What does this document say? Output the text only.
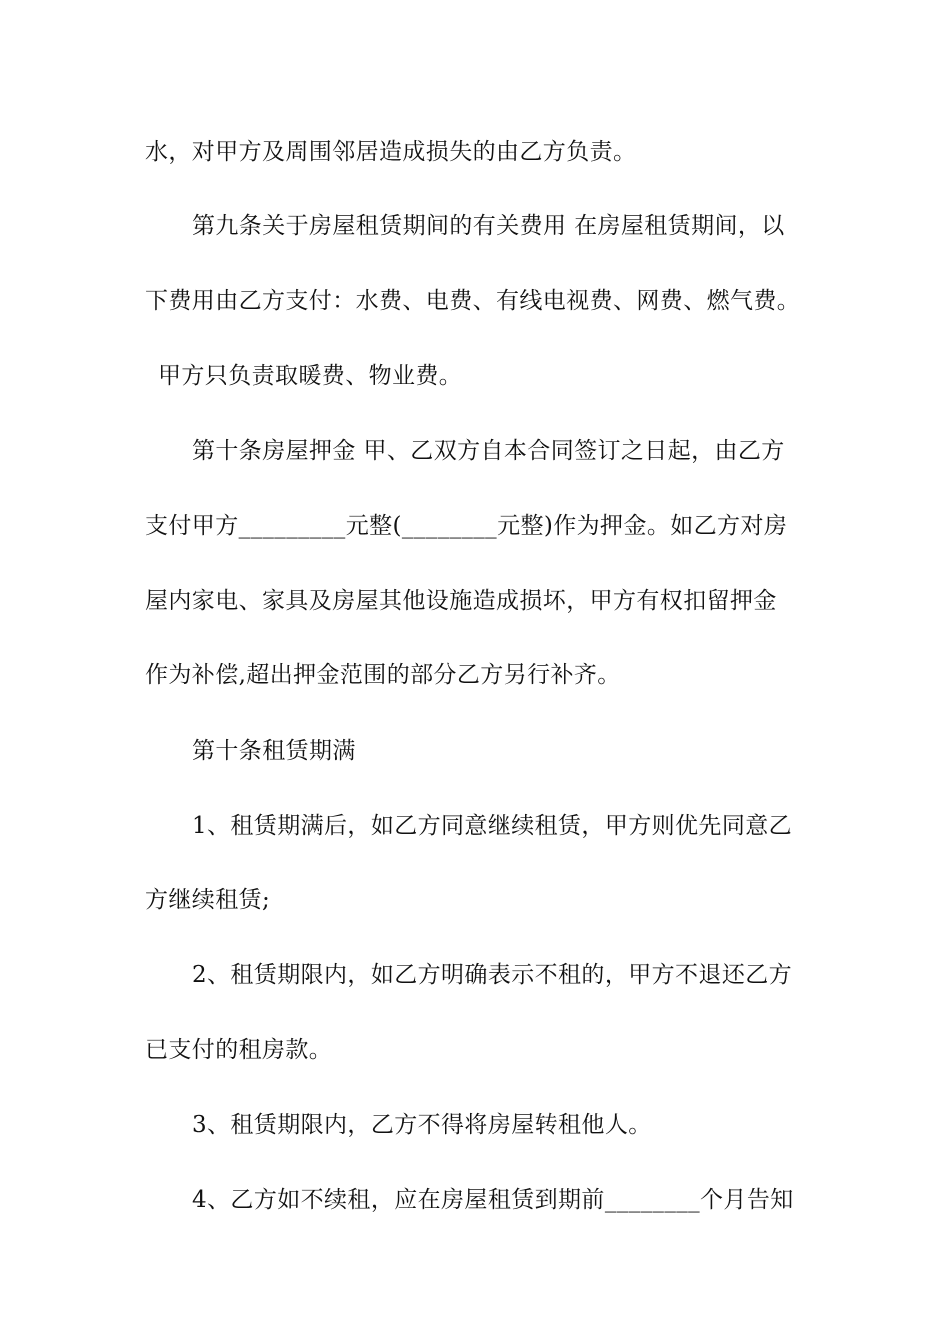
水，对甲方及周围邻居造成损失的由乙方负责。
第九条关于房屋租赁期间的有关费用 在房屋租赁期间，以
下费用由乙方支付：水费、电费、有线电视费、网费、燃气费。
甲方只负责取暖费、物业费。
第十条房屋押金 甲、乙双方自本合同签订之日起，由乙方
支付甲方_________元整(________元整)作为押金。如乙方对房
屋内家电、家具及房屋其他设施造成损坏，甲方有权扣留押金
作为补偿,超出押金范围的部分乙方另行补齐。
第十条租赁期满
1、租赁期满后，如乙方同意继续租赁，甲方则优先同意乙
方继续租赁;
2、租赁期限内，如乙方明确表示不租的，甲方不退还乙方
已支付的租房款。
3、租赁期限内，乙方不得将房屋转租他人。
4、乙方如不续租，应在房屋租赁到期前________个月告知
